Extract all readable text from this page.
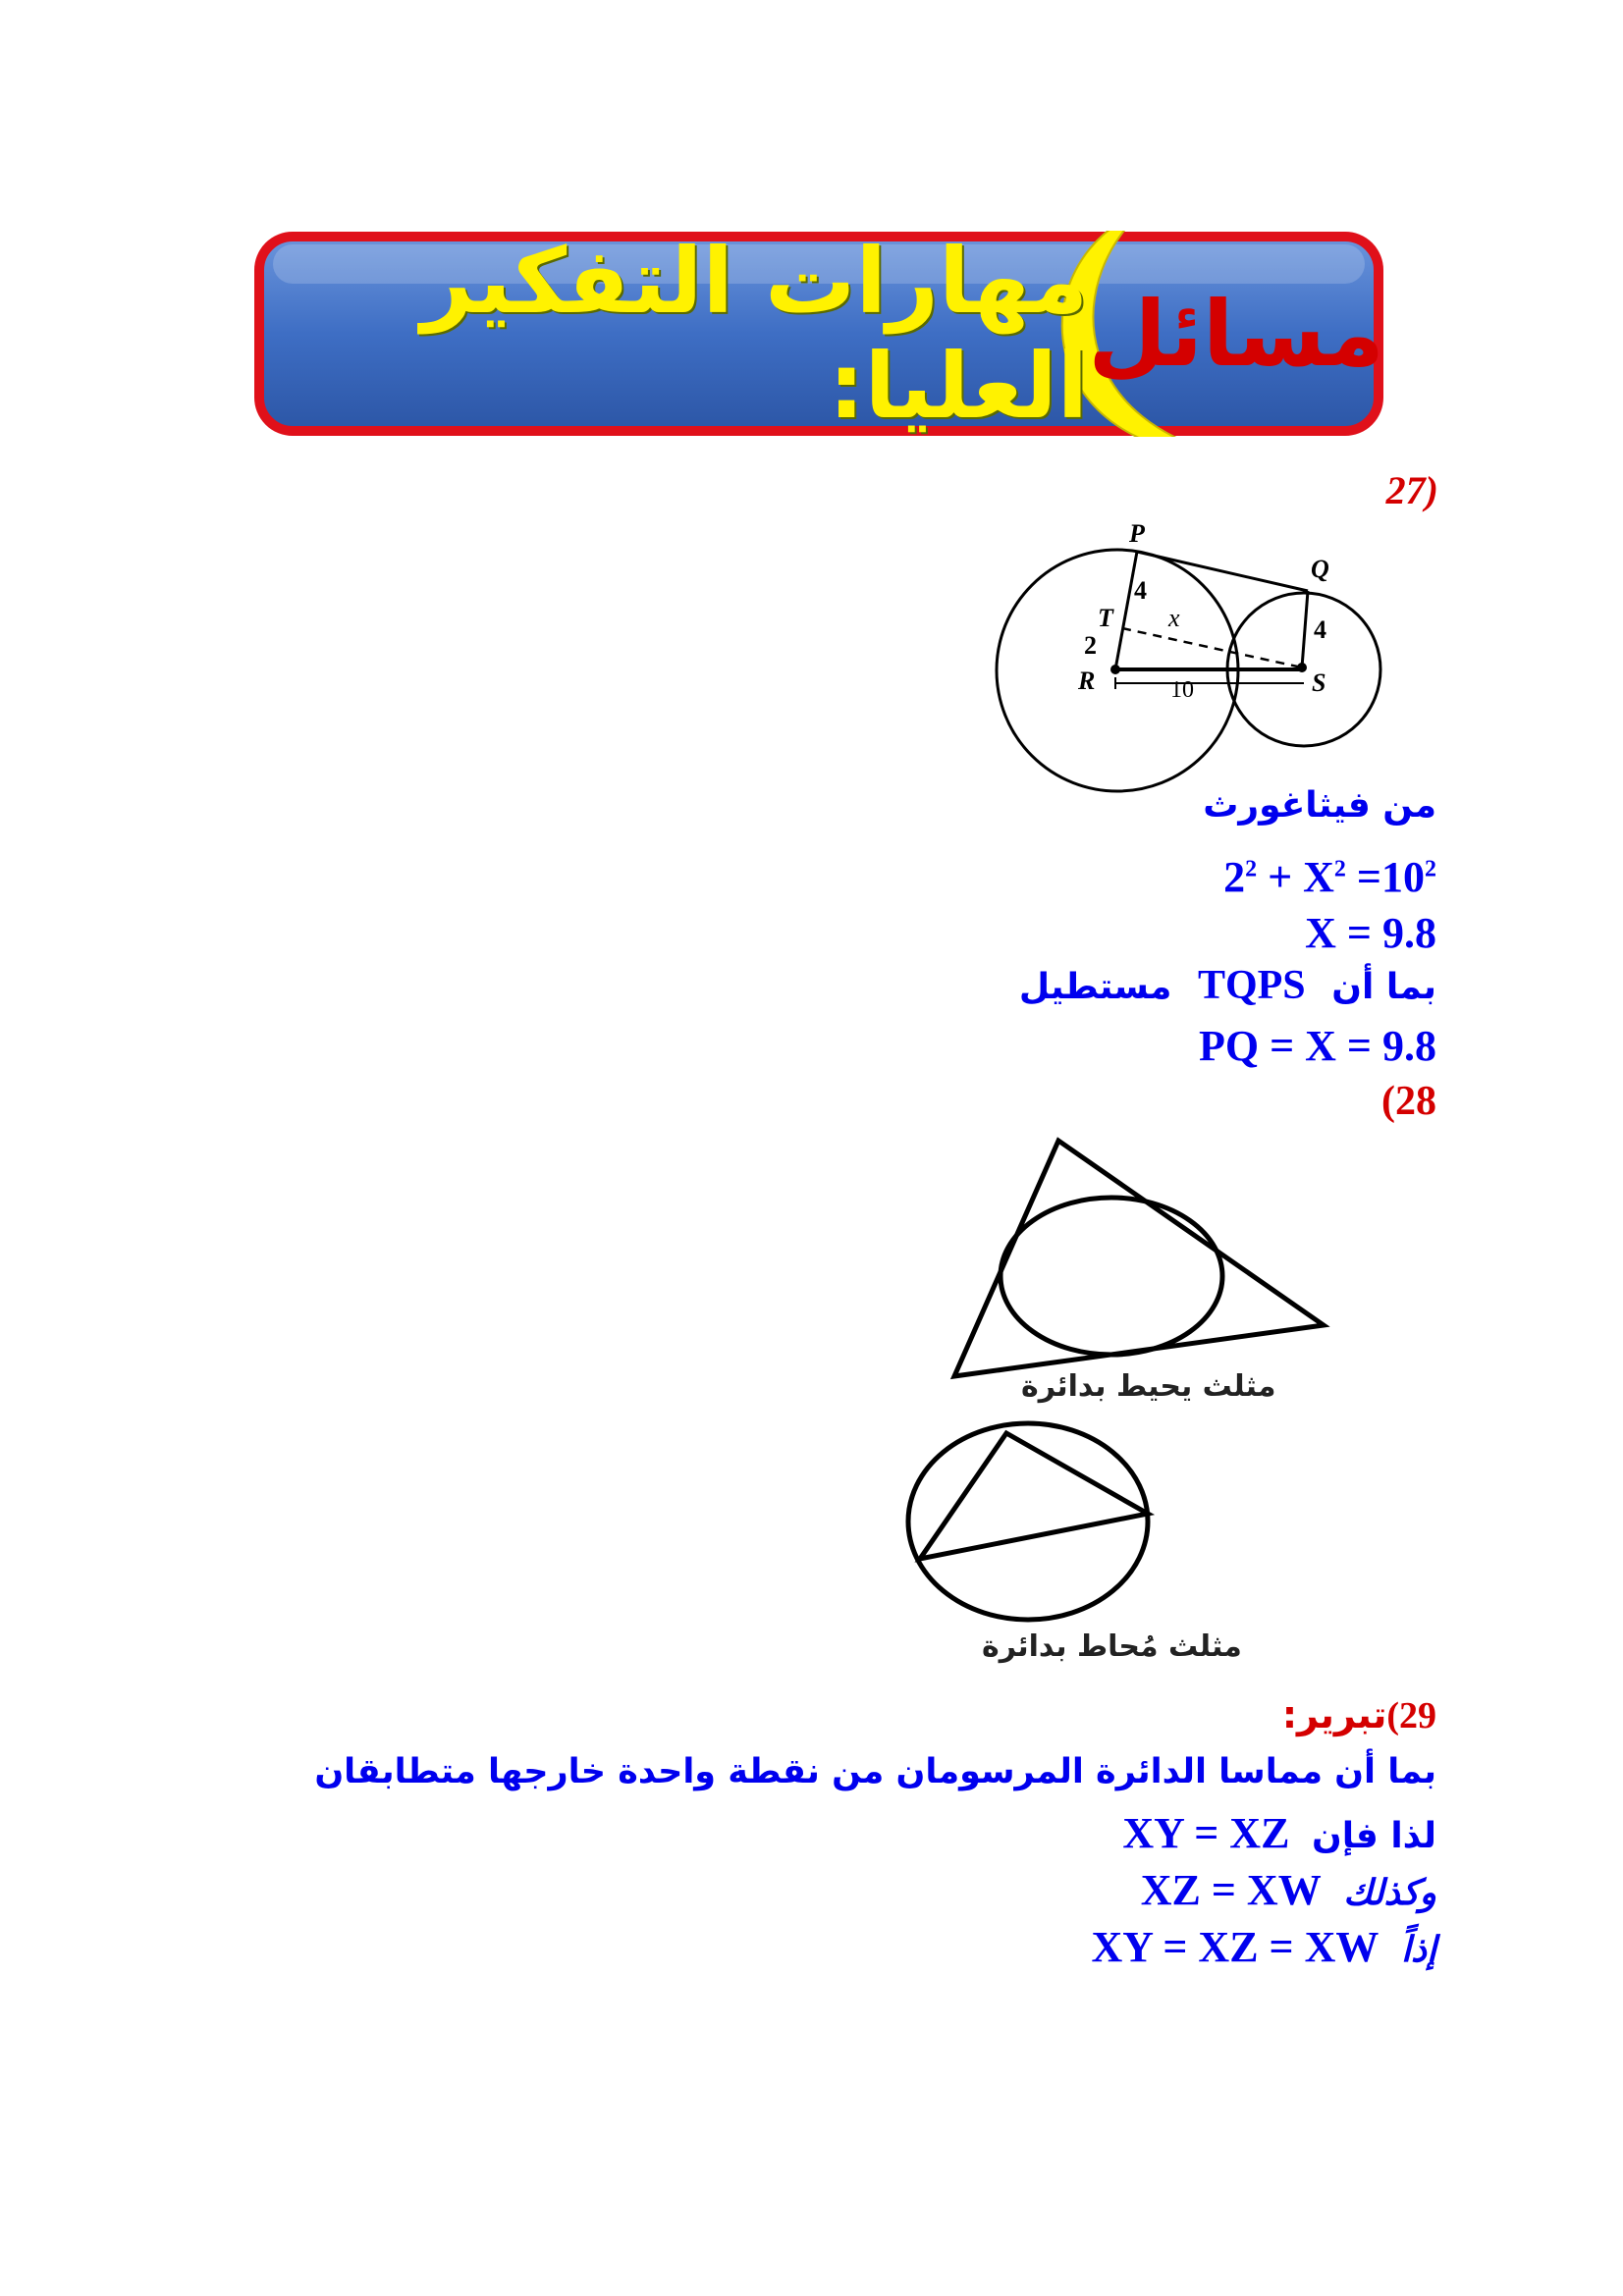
مسائل
مهارات التفكير العليا:
(27
P
Q
T
R	S
x
4
4
2
10
من فيثاغورث
$2^2 + X^2 =10^2$
X = 9.8
بما أن TQPS مستطيل
PQ = X = 9.8
(28
مثلث يحيط بدائرة
مثلث مُحاط بدائرة
29)تبرير:
بما أن مماسا الدائرة المرسومان من نقطة واحدة خارجها متطابقان
لذا فإن XY = XZ
وكذلك XZ = XW
إذاً XY = XZ = XW
